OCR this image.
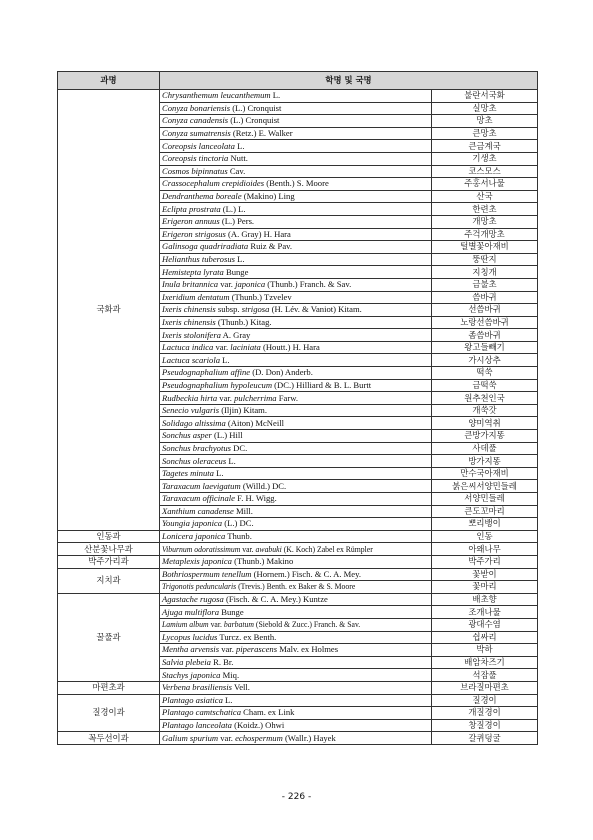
과명	학명 및 국명	
국화과	Chrysanthemum leucanthemum L.	불란서국화
	Conyza bonariensis (L.) Cronquist	실망초
	Conyza canadensis (L.) Cronquist	망초
	Conyza sumatrensis (Retz.) E. Walker	큰망초
	Coreopsis lanceolata L.	큰금계국
	Coreopsis tinctoria Nutt.	기생초
	Cosmos bipinnatus Cav.	코스모스
	Crassocephalum crepidioides (Benth.) S. Moore	주홍서나물
	Dendranthema boreale (Makino) Ling	산국
	Eclipta prostrata (L.) L.	한련초
	Erigeron annuus (L.) Pers.	개망초
	Erigeron strigosus (A. Gray) H. Hara	주걱개망초
	Galinsoga quadriradiata Ruiz & Pav.	털별꽃아재비
	Helianthus tuberosus L.	뚱딴지
	Hemistepta lyrata Bunge	지칭개
	Inula britannica var. japonica (Thunb.) Franch. & Sav.	금불초
	Ixeridium dentatum (Thunb.) Tzvelev	씀바귀
	Ixeris chinensis subsp. strigosa (H. Lév. & Vaniot) Kitam.	선씀바귀
	Ixeris chinensis (Thunb.) Kitag.	노랑선씀바귀
	Ixeris stolonifera A. Gray	좀씀바귀
	Lactuca indica var. laciniata (Houtt.) H. Hara	왕고들빼기
	Lactuca scariola L.	가시상추
	Pseudognaphalium affine (D. Don) Anderb.	떡쑥
	Pseudognaphalium hypoleucum (DC.) Hilliard & B. L. Burtt	금떡쑥
	Rudbeckia hirta var. pulcherrima Farw.	원추천인국
	Senecio vulgaris (Iljin) Kitam.	개쑥갓
	Solidago altissima (Aiton) McNeill	양미역취
	Sonchus asper (L.) Hill	큰방가지똥
	Sonchus brachyotus DC.	사데풀
	Sonchus oleraceus L.	방가지똥
	Tagetes minuta L.	만수국아재비
	Taraxacum laevigatum (Willd.) DC.	붉은씨서양민들레
	Taraxacum officinale F. H. Wigg.	서양민들레
	Xanthium canadense Mill.	큰도꼬마리
	Youngia japonica (L.) DC.	뽀리뱅이
인동과	Lonicera japonica Thunb.	인동
산분꽃나무과	Viburnum odoratissimum var. awabuki (K. Koch) Zabel ex Rümpler	아왜나무
박주가리과	Metaplexis japonica (Thunb.) Makino	박주가리
지치과	Bothriospermum tenellum (Hornem.) Fisch. & C. A. Mey.	꽃받이
	Trigonotis peduncularis (Trevis.) Benth. ex Baker & S. Moore	꽃마리
꿀풀과	Agastache rugosa (Fisch. & C. A. Mey.) Kuntze	배초향
	Ajuga multiflora Bunge	조개나물
	Lamium album var. barbatum (Siebold & Zucc.) Franch. & Sav.	광대수염
	Lycopus lucidus Turcz. ex Benth.	쉽싸리
	Mentha arvensis var. piperascens Malv. ex Holmes	박하
	Salvia plebeia R. Br.	배암차즈기
	Stachys japonica Miq.	석잠풀
마편초과	Verbena brasiliensis Vell.	브라질마편초
질경이과	Plantago asiatica L.	질경이
	Plantago camtschatica Cham. ex Link	개질경이
	Plantago lanceolata (Koidz.) Ohwi	창질경이
꼭두선이과	Galium spurium var. echospermum (Wallr.) Hayek	갈퀴덩굴
- 226 -
